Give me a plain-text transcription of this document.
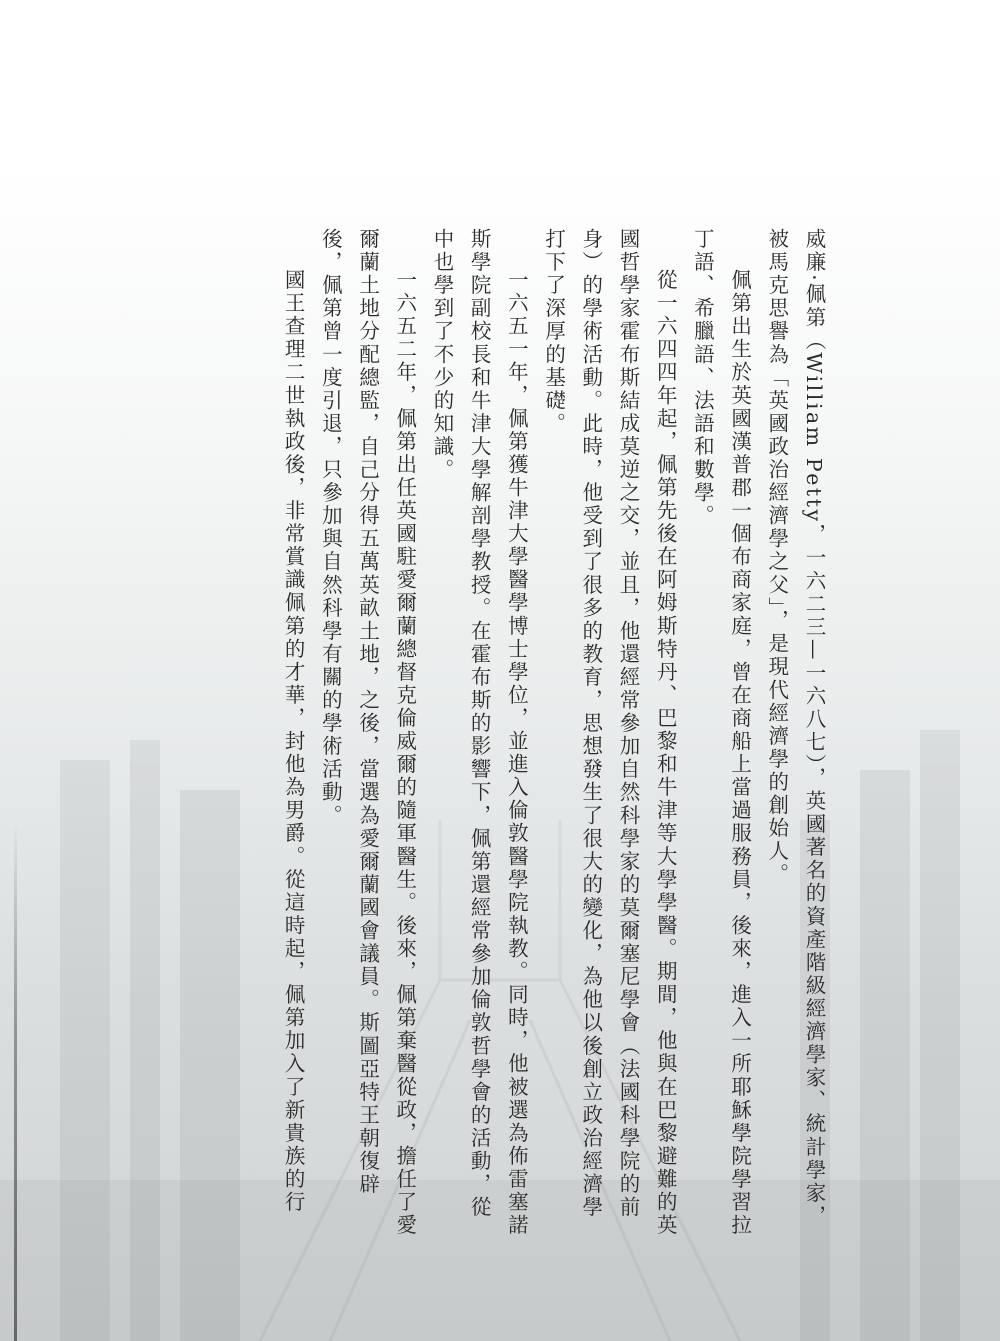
威廉‧佩第（William Petty，一六二三—一六八七），英國著名的資產階級經濟學家、統計學家，被馬克思譽為「英國政治經濟學之父」，是現代經濟學的創始人。

佩第出生於英國漢普郡一個布商家庭，曾在商船上當過服務員，後來，進入一所耶穌學院學習拉丁語、希臘語、法語和數學。

從一六四四年起，佩第先後在阿姆斯特丹、巴黎和牛津等大學學醫。期間，他與在巴黎避難的英國哲學家霍布斯結成莫逆之交，並且，他還經常參加自然科學家的莫爾塞尼學會（法國科學院的前身）的學術活動。此時，他受到了很多的教育，思想發生了很大的變化，為他以後創立政治經濟學打下了深厚的基礎。

一六五一年，佩第獲牛津大學醫學博士學位，並進入倫敦醫學院執教。同時，他被選為佈雷塞諾斯學院副校長和牛津大學解剖學教授。在霍布斯的影響下，佩第還經常參加倫敦哲學會的活動，從中也學到了不少的知識。

一六五二年，佩第出任英國駐愛爾蘭總督克倫威爾的隨軍醫生。後來，佩第棄醫從政，擔任了愛爾蘭土地分配總監，自己分得五萬英畝土地，之後，當選為愛爾蘭國會議員。斯圖亞特王朝復辟後，佩第曾一度引退，只參加與自然科學有關的學術活動。

國王查理二世執政後，非常賞識佩第的才華，封他為男爵。從這時起，佩第加入了新貴族的行
